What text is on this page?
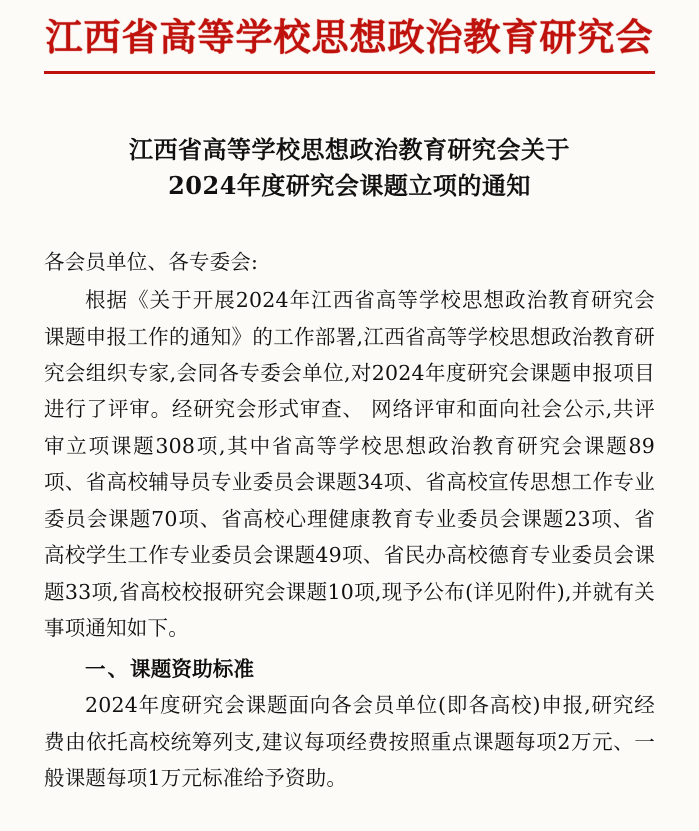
江西省高等学校思想政治教育研究会
江西省高等学校思想政治教育研究会关于
2024年度研究会课题立项的通知

各会员单位、各专委会:

根据《关于开展2024年江西省高等学校思想政治教育研究会课题申报工作的通知》的工作部署,江西省高等学校思想政治教育研究会组织专家,会同各专委会单位,对2024年度研究会课题申报项目进行了评审。经研究会形式审查、 网络评审和面向社会公示,共评审立项课题308项,其中省高等学校思想政治教育研究会课题89项、省高校辅导员专业委员会课题34项、省高校宣传思想工作专业委员会课题70项、省高校心理健康教育专业委员会课题23项、省高校学生工作专业委员会课题49项、省民办高校德育专业委员会课题33项,省高校校报研究会课题10项,现予公布(详见附件),并就有关事项通知如下。

一、课题资助标准

2024年度研究会课题面向各会员单位(即各高校)申报,研究经费由依托高校统筹列支,建议每项经费按照重点课题每项2万元、一般课题每项1万元标准给予资助。
